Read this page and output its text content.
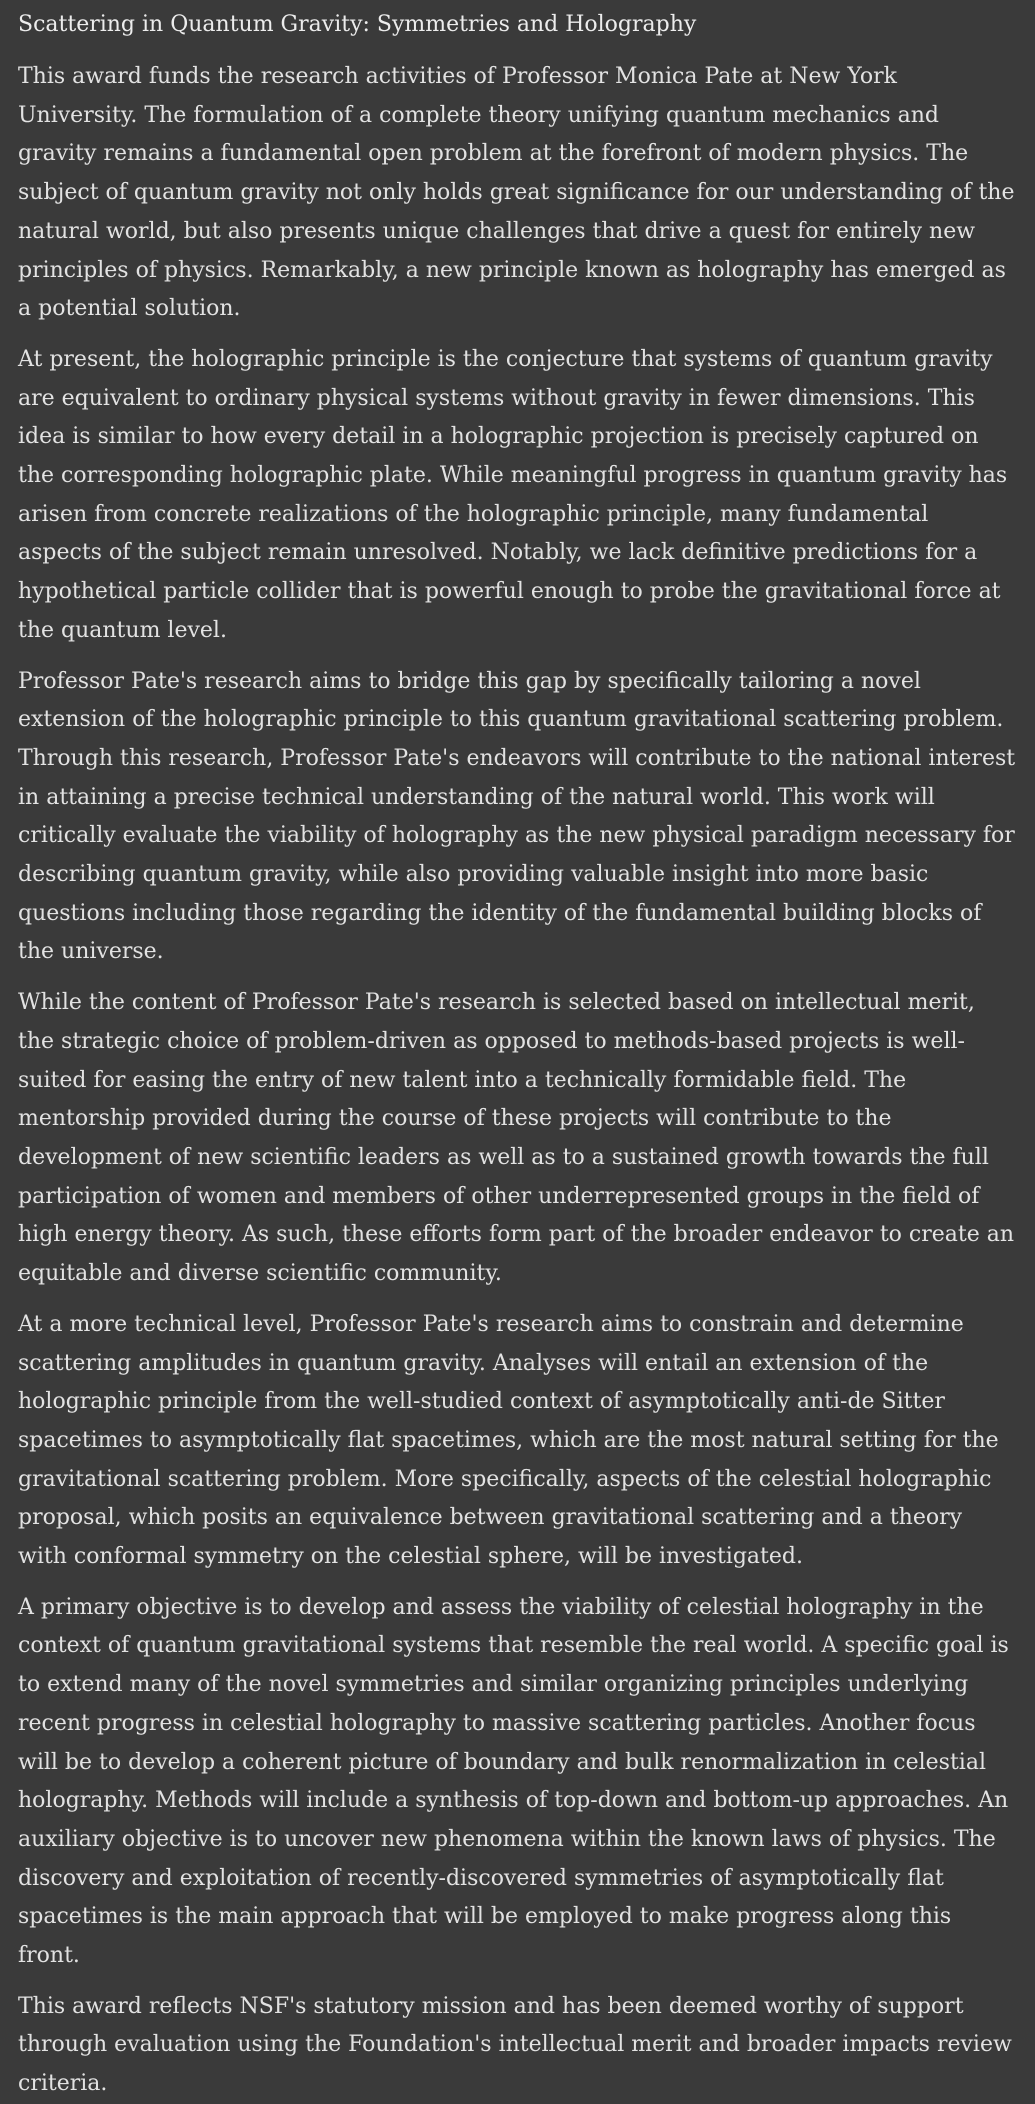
Scattering in Quantum Gravity: Symmetries and Holography

This award funds the research activities of Professor Monica Pate at New York University. The formulation of a complete theory unifying quantum mechanics and gravity remains a fundamental open problem at the forefront of modern physics. The subject of quantum gravity not only holds great significance for our understanding of the natural world, but also presents unique challenges that drive a quest for entirely new principles of physics. Remarkably, a new principle known as holography has emerged as a potential solution.

At present, the holographic principle is the conjecture that systems of quantum gravity are equivalent to ordinary physical systems without gravity in fewer dimensions. This idea is similar to how every detail in a holographic projection is precisely captured on the corresponding holographic plate. While meaningful progress in quantum gravity has arisen from concrete realizations of the holographic principle, many fundamental aspects of the subject remain unresolved. Notably, we lack definitive predictions for a hypothetical particle collider that is powerful enough to probe the gravitational force at the quantum level.

Professor Pate's research aims to bridge this gap by specifically tailoring a novel extension of the holographic principle to this quantum gravitational scattering problem. Through this research, Professor Pate's endeavors will contribute to the national interest in attaining a precise technical understanding of the natural world. This work will critically evaluate the viability of holography as the new physical paradigm necessary for describing quantum gravity, while also providing valuable insight into more basic questions including those regarding the identity of the fundamental building blocks of the universe.

While the content of Professor Pate's research is selected based on intellectual merit, the strategic choice of problem-driven as opposed to methods-based projects is well-suited for easing the entry of new talent into a technically formidable field. The mentorship provided during the course of these projects will contribute to the development of new scientific leaders as well as to a sustained growth towards the full participation of women and members of other underrepresented groups in the field of high energy theory. As such, these efforts form part of the broader endeavor to create an equitable and diverse scientific community.

At a more technical level, Professor Pate's research aims to constrain and determine scattering amplitudes in quantum gravity. Analyses will entail an extension of the holographic principle from the well-studied context of asymptotically anti-de Sitter spacetimes to asymptotically flat spacetimes, which are the most natural setting for the gravitational scattering problem. More specifically, aspects of the celestial holographic proposal, which posits an equivalence between gravitational scattering and a theory with conformal symmetry on the celestial sphere, will be investigated.

A primary objective is to develop and assess the viability of celestial holography in the context of quantum gravitational systems that resemble the real world. A specific goal is to extend many of the novel symmetries and similar organizing principles underlying recent progress in celestial holography to massive scattering particles. Another focus will be to develop a coherent picture of boundary and bulk renormalization in celestial holography. Methods will include a synthesis of top-down and bottom-up approaches. An auxiliary objective is to uncover new phenomena within the known laws of physics. The discovery and exploitation of recently-discovered symmetries of asymptotically flat spacetimes is the main approach that will be employed to make progress along this front.

This award reflects NSF's statutory mission and has been deemed worthy of support through evaluation using the Foundation's intellectual merit and broader impacts review criteria.
